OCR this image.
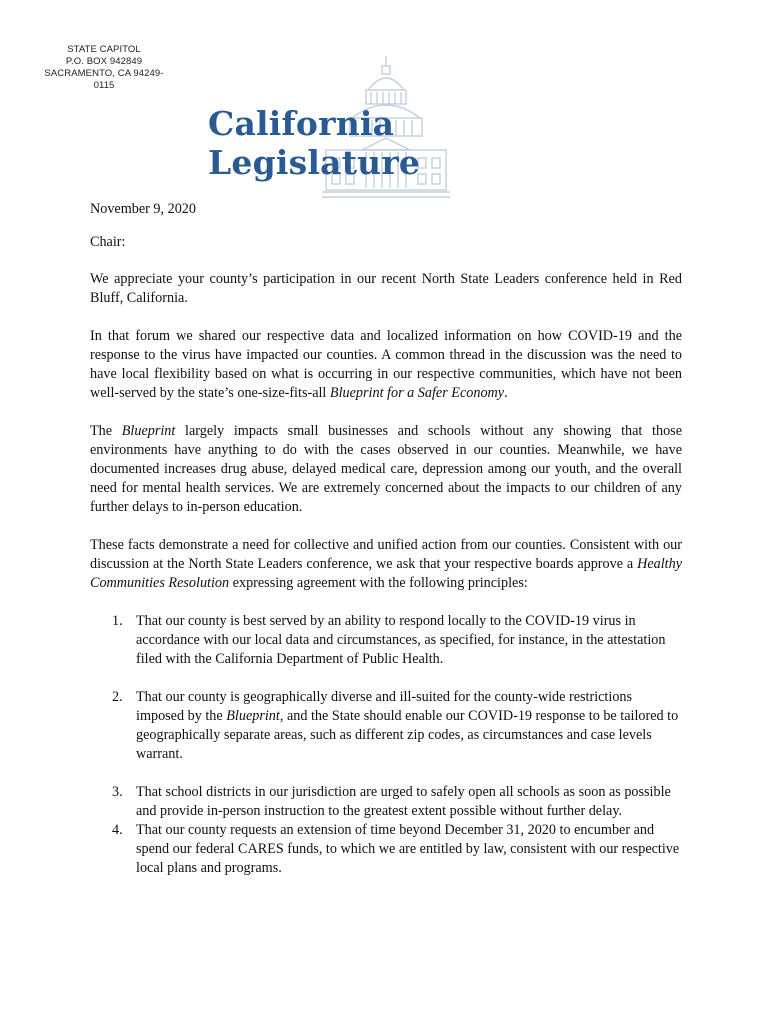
STATE CAPITOL
P.O. BOX 942849
SACRAMENTO, CA 94249-0115
California Legislature

November 9, 2020

Chair:

We appreciate your county’s participation in our recent North State Leaders conference held in Red Bluff, California.

In that forum we shared our respective data and localized information on how COVID-19 and the response to the virus have impacted our counties. A common thread in the discussion was the need to have local flexibility based on what is occurring in our respective communities, which have not been well-served by the state’s one-size-fits-all Blueprint for a Safer Economy.

The Blueprint largely impacts small businesses and schools without any showing that those environments have anything to do with the cases observed in our counties. Meanwhile, we have documented increases drug abuse, delayed medical care, depression among our youth, and the overall need for mental health services. We are extremely concerned about the impacts to our children of any further delays to in-person education.

These facts demonstrate a need for collective and unified action from our counties. Consistent with our discussion at the North State Leaders conference, we ask that your respective boards approve a Healthy Communities Resolution expressing agreement with the following principles:

1. That our county is best served by an ability to respond locally to the COVID-19 virus in accordance with our local data and circumstances, as specified, for instance, in the attestation filed with the California Department of Public Health.
2. That our county is geographically diverse and ill-suited for the county-wide restrictions imposed by the Blueprint, and the State should enable our COVID-19 response to be tailored to geographically separate areas, such as different zip codes, as circumstances and case levels warrant.
3. That school districts in our jurisdiction are urged to safely open all schools as soon as possible and provide in-person instruction to the greatest extent possible without further delay.
4. That our county requests an extension of time beyond December 31, 2020 to encumber and spend our federal CARES funds, to which we are entitled by law, consistent with our respective local plans and programs.
